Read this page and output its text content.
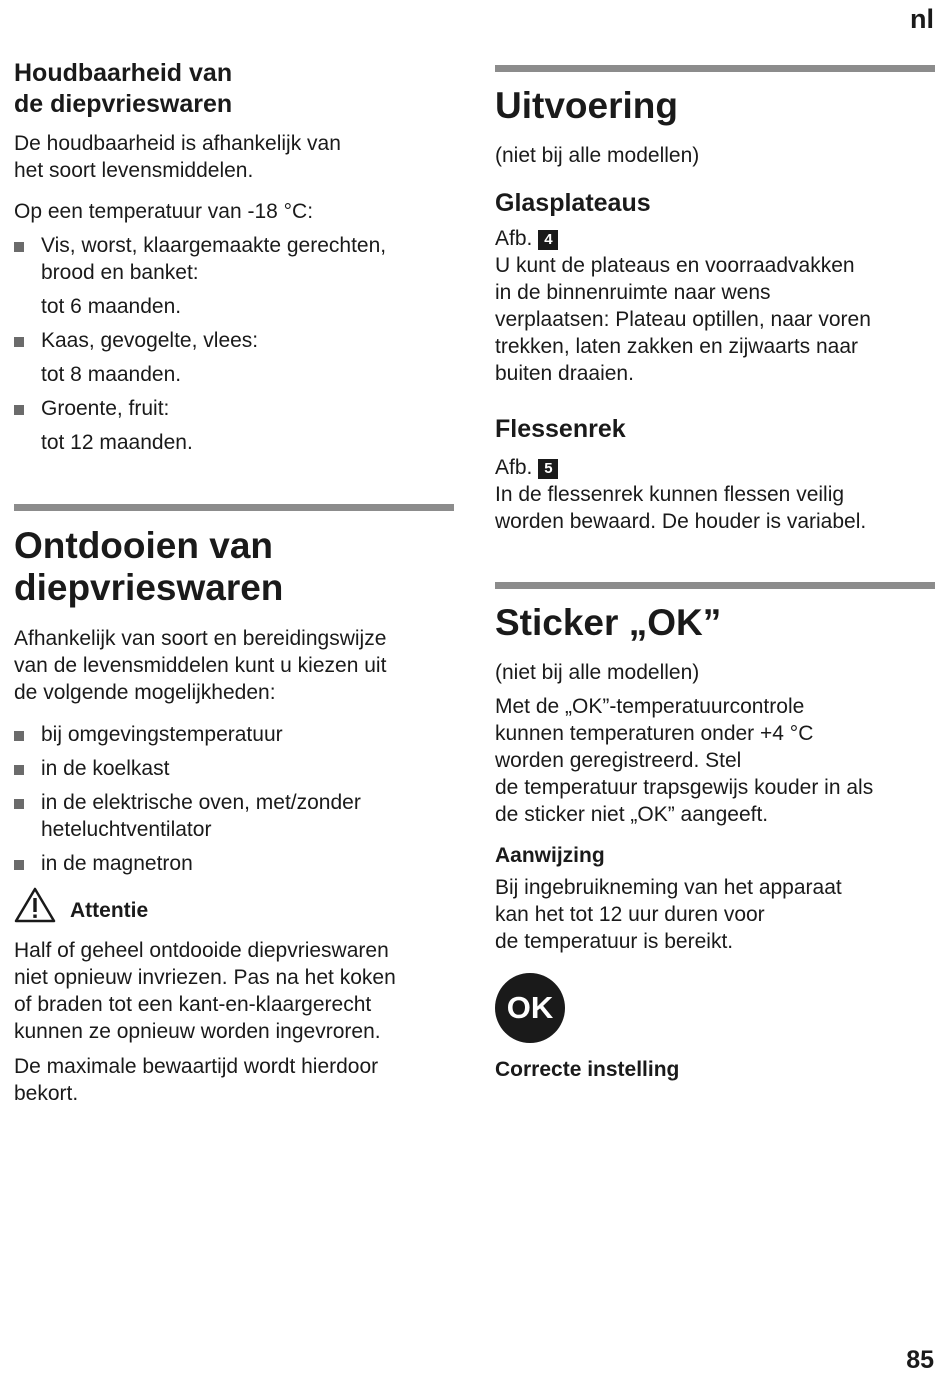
nl
Houdbaarheid van
de diepvrieswaren

De houdbaarheid is afhankelijk van
het soort levensmiddelen.

Op een temperatuur van -18 °C:

Vis, worst, klaargemaakte gerechten,
brood en banket:
tot 6 maanden.
Kaas, gevogelte, vlees:
tot 8 maanden.
Groente, fruit:
tot 12 maanden.
Ontdooien van
diepvrieswaren

Afhankelijk van soort en bereidingswijze
van de levensmiddelen kunt u kiezen uit
de volgende mogelijkheden:

bij omgevingstemperatuur
in de koelkast
in de elektrische oven, met/zonder
heteluchtventilator
in de magnetron
Attentie

Half of geheel ontdooide diepvrieswaren
niet opnieuw invriezen. Pas na het koken
of braden tot een kant-en-klaargerecht
kunnen ze opnieuw worden ingevroren.

De maximale bewaartijd wordt hierdoor
bekort.

Uitvoering

(niet bij alle modellen)

Glasplateaus

Afb. 4

U kunt de plateaus en voorraadvakken
in de binnenruimte naar wens
verplaatsen: Plateau optillen, naar voren
trekken, laten zakken en zijwaarts naar
buiten draaien.

Flessenrek

Afb. 5

In de flessenrek kunnen flessen veilig
worden bewaard. De houder is variabel.

Sticker „OK”

(niet bij alle modellen)

Met de „OK”-temperatuurcontrole
kunnen temperaturen onder +4 °C
worden geregistreerd. Stel
de temperatuur trapsgewijs kouder in als
de sticker niet „OK” aangeeft.

Aanwijzing

Bij ingebruikneming van het apparaat
kan het tot 12 uur duren voor
de temperatuur is bereikt.

OK
Correcte instelling
85
